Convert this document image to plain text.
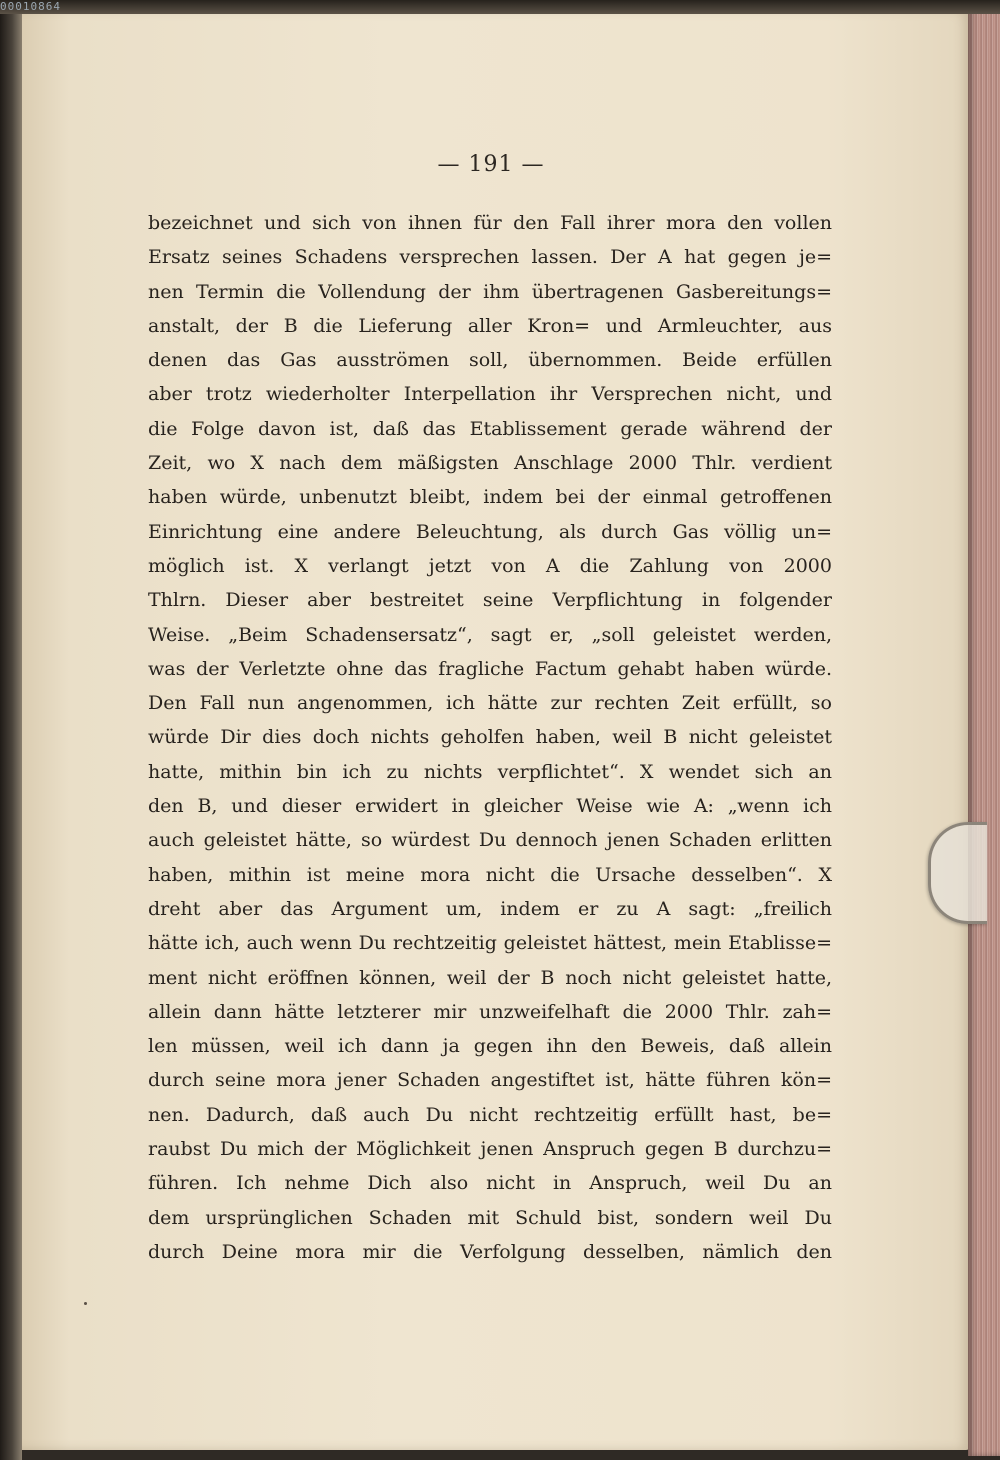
— 191 —
bezeichnet und sich von ihnen für den Fall ihrer mora den vollen
Ersatz seines Schadens versprechen lassen. Der A hat gegen je=
nen Termin die Vollendung der ihm übertragenen Gasbereitungs=
anstalt, der B die Lieferung aller Kron= und Armleuchter, aus
denen das Gas ausströmen soll, übernommen. Beide erfüllen
aber trotz wiederholter Interpellation ihr Versprechen nicht, und
die Folge davon ist, daß das Etablissement gerade während der
Zeit, wo X nach dem mäßigsten Anschlage 2000 Thlr. verdient
haben würde, unbenutzt bleibt, indem bei der einmal getroffenen
Einrichtung eine andere Beleuchtung, als durch Gas völlig un=
möglich ist. X verlangt jetzt von A die Zahlung von 2000
Thlrn. Dieser aber bestreitet seine Verpflichtung in folgender
Weise. „Beim Schadensersatz“, sagt er, „soll geleistet werden,
was der Verletzte ohne das fragliche Factum gehabt haben würde.
Den Fall nun angenommen, ich hätte zur rechten Zeit erfüllt, so
würde Dir dies doch nichts geholfen haben, weil B nicht geleistet
hatte, mithin bin ich zu nichts verpflichtet“. X wendet sich an
den B, und dieser erwidert in gleicher Weise wie A: „wenn ich
auch geleistet hätte, so würdest Du dennoch jenen Schaden erlitten
haben, mithin ist meine mora nicht die Ursache desselben“. X
dreht aber das Argument um, indem er zu A sagt: „freilich
hätte ich, auch wenn Du rechtzeitig geleistet hättest, mein Etablisse=
ment nicht eröffnen können, weil der B noch nicht geleistet hatte,
allein dann hätte letzterer mir unzweifelhaft die 2000 Thlr. zah=
len müssen, weil ich dann ja gegen ihn den Beweis, daß allein
durch seine mora jener Schaden angestiftet ist, hätte führen kön=
nen. Dadurch, daß auch Du nicht rechtzeitig erfüllt hast, be=
raubst Du mich der Möglichkeit jenen Anspruch gegen B durchzu=
führen. Ich nehme Dich also nicht in Anspruch, weil Du an
dem ursprünglichen Schaden mit Schuld bist, sondern weil Du
durch Deine mora mir die Verfolgung desselben, nämlich den
00010864
